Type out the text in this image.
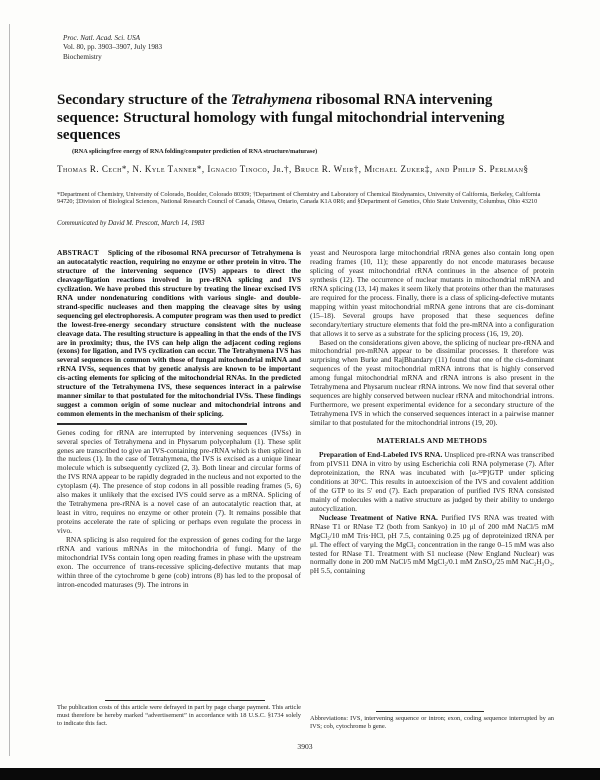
Proc. Natl. Acad. Sci. USA
Vol. 80, pp. 3903–3907, July 1983
Biochemistry
Secondary structure of the Tetrahymena ribosomal RNA intervening sequence: Structural homology with fungal mitochondrial intervening sequences
(RNA splicing/free energy of RNA folding/computer prediction of RNA structure/maturase)
Thomas R. Cech*, N. Kyle Tanner*, Ignacio Tinoco, Jr.†, Bruce R. Weir†, Michael Zuker‡, and Philip S. Perlman§
*Department of Chemistry, University of Colorado, Boulder, Colorado 80309; †Department of Chemistry and Laboratory of Chemical Biodynamics, University of California, Berkeley, California 94720; ‡Division of Biological Sciences, National Research Council of Canada, Ottawa, Ontario, Canada K1A 0R6; and §Department of Genetics, Ohio State University, Columbus, Ohio 43210
Communicated by David M. Prescott, March 14, 1983

ABSTRACT Splicing of the ribosomal RNA precursor of Tetrahymena is an autocatalytic reaction, requiring no enzyme or other protein in vitro. The structure of the intervening sequence (IVS) appears to direct the cleavage/ligation reactions involved in pre-rRNA splicing and IVS cyclization. We have probed this structure by treating the linear excised IVS RNA under nondenaturing conditions with various single- and double-strand-specific nucleases and then mapping the cleavage sites by using sequencing gel electrophoresis. A computer program was then used to predict the lowest-free-energy secondary structure consistent with the nuclease cleavage data. The resulting structure is appealing in that the ends of the IVS are in proximity; thus, the IVS can help align the adjacent coding regions (exons) for ligation, and IVS cyclization can occur. The Tetrahymena IVS has several sequences in common with those of fungal mitochondrial mRNA and rRNA IVSs, sequences that by genetic analysis are known to be important cis-acting elements for splicing of the mitochondrial RNAs. In the predicted structure of the Tetrahymena IVS, these sequences interact in a pairwise manner similar to that postulated for the mitochondrial IVSs. These findings suggest a common origin of some nuclear and mitochondrial introns and common elements in the mechanism of their splicing.

Genes coding for rRNA are interrupted by intervening sequences (IVSs) in several species of Tetrahymena and in Physarum polycephalum (1). These split genes are transcribed to give an IVS-containing pre-rRNA which is then spliced in the nucleus (1). In the case of Tetrahymena, the IVS is excised as a unique linear molecule which is subsequently cyclized (2, 3). Both linear and circular forms of the IVS RNA appear to be rapidly degraded in the nucleus and not exported to the cytoplasm (4). The presence of stop codons in all possible reading frames (5, 6) also makes it unlikely that the excised IVS could serve as a mRNA. Splicing of the Tetrahymena pre-rRNA is a novel case of an autocatalytic reaction that, at least in vitro, requires no enzyme or other protein (7). It remains possible that proteins accelerate the rate of splicing or perhaps even regulate the process in vivo.

RNA splicing is also required for the expression of genes coding for the large rRNA and various mRNAs in the mitochondria of fungi. Many of the mitochondrial IVSs contain long open reading frames in phase with the upstream exon. The occurrence of trans-recessive splicing-defective mutants that map within three of the cytochrome b gene (cob) introns (8) has led to the proposal of intron-encoded maturases (9). The introns in

yeast and Neurospora large mitochondrial rRNA genes also contain long open reading frames (10, 11); these apparently do not encode maturases because splicing of yeast mitochondrial rRNA continues in the absence of protein synthesis (12). The occurrence of nuclear mutants in mitochondrial mRNA and rRNA splicing (13, 14) makes it seem likely that proteins other than the maturases are required for the process. Finally, there is a class of splicing-defective mutants mapping within yeast mitochondrial mRNA gene introns that are cis-dominant (15–18). Several groups have proposed that these sequences define secondary/tertiary structure elements that fold the pre-mRNA into a configuration that allows it to serve as a substrate for the splicing process (16, 19, 20).

Based on the considerations given above, the splicing of nuclear pre-rRNA and mitochondrial pre-mRNA appear to be dissimilar processes. It therefore was surprising when Burke and RajBhandary (11) found that one of the cis-dominant sequences of the yeast mitochondrial mRNA introns that is highly conserved among fungal mitochondrial mRNA and rRNA introns is also present in the Tetrahymena and Physarum nuclear rRNA introns. We now find that several other sequences are highly conserved between nuclear rRNA and mitochondrial introns. Furthermore, we present experimental evidence for a secondary structure of the Tetrahymena IVS in which the conserved sequences interact in a pairwise manner similar to that postulated for the mitochondrial introns (19, 20).

MATERIALS AND METHODS

Preparation of End-Labeled IVS RNA. Unspliced pre-rRNA was transcribed from pIVS11 DNA in vitro by using Escherichia coli RNA polymerase (7). After deproteinization, the RNA was incubated with [α-³²P]GTP under splicing conditions at 30°C. This results in autoexcision of the IVS and covalent addition of the GTP to its 5′ end (7). Each preparation of purified IVS RNA consisted mainly of molecules with a native structure as judged by their ability to undergo autocyclization.

Nuclease Treatment of Native RNA. Purified IVS RNA was treated with RNase T1 or RNase T2 (both from Sankyo) in 10 μl of 200 mM NaCl/5 mM MgCl₂/10 mM Tris·HCl, pH 7.5, containing 0.25 μg of deproteinized tRNA per μl. The effect of varying the MgCl₂ concentration in the range 0–15 mM was also tested for RNase T1. Treatment with S1 nuclease (New England Nuclear) was normally done in 200 mM NaCl/5 mM MgCl₂/0.1 mM ZnSO₄/25 mM NaC₂H₃O₂, pH 5.5, containing

The publication costs of this article were defrayed in part by page charge payment. This article must therefore be hereby marked “advertisement” in accordance with 18 U.S.C. §1734 solely to indicate this fact.

Abbreviations: IVS, intervening sequence or intron; exon, coding sequence interrupted by an IVS; cob, cytochrome b gene.

3903
